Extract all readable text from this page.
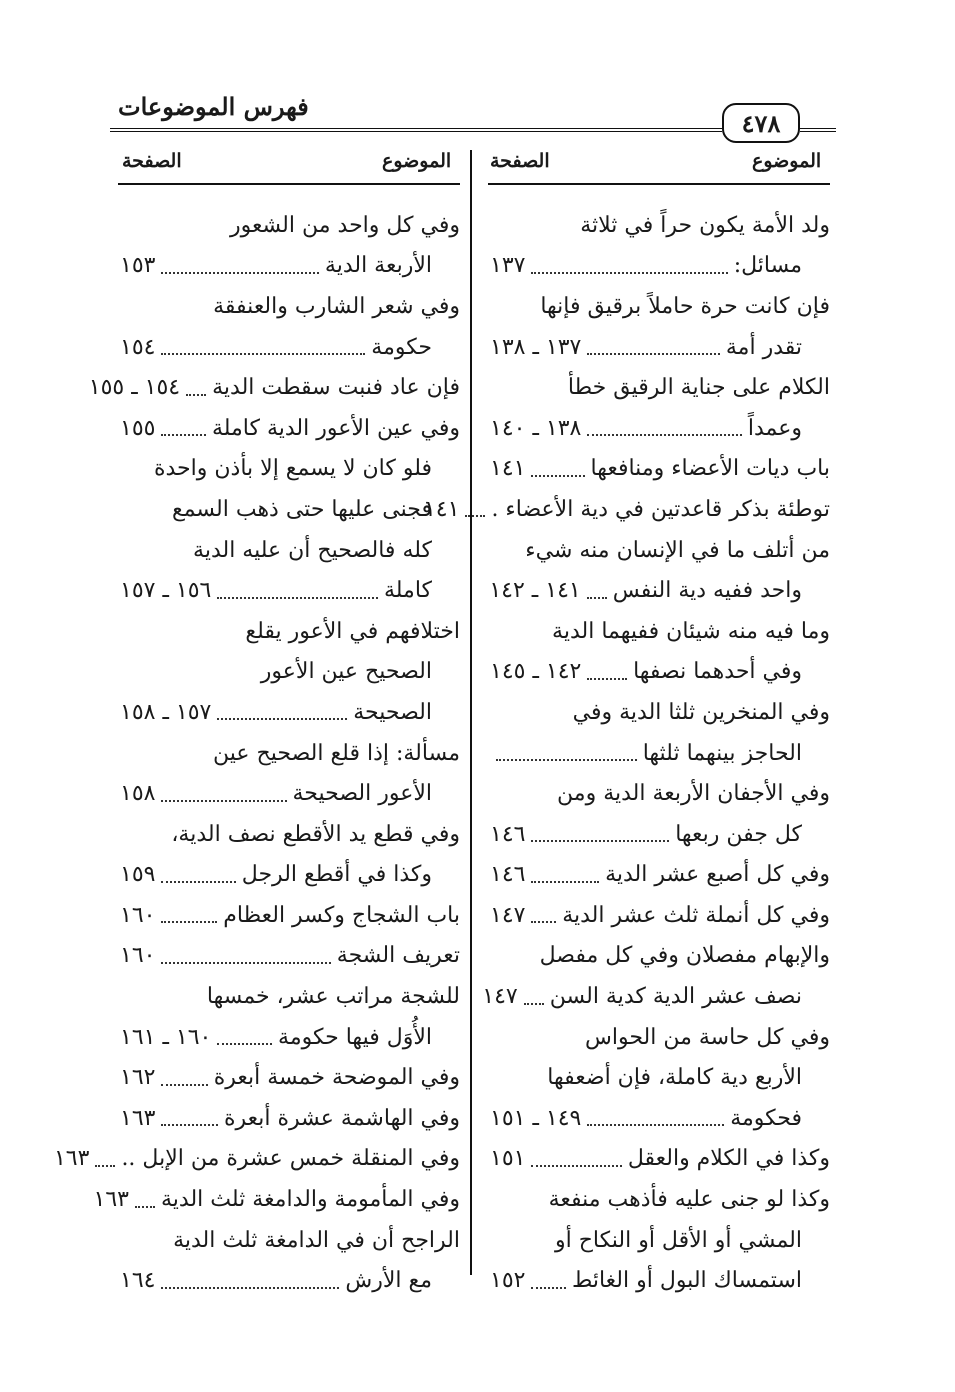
فهرس الموضوعات
٤٧٨
الموضوع
الصفحة
الموضوع
الصفحة
ولد الأمة يكون حراً في ثلاثة
مسائل:
١٣٧
فإن كانت حرة حاملاً برقيق فإنها
تقدر أمة
١٣٧ ـ ١٣٨
الكلام على جناية الرقيق خطأ
وعمداً
١٣٨ ـ ١٤٠
باب ديات الأعضاء ومنافعها
١٤١
توطئة بذكر قاعدتين في دية الأعضاء .
١٤١
من أتلف ما في الإنسان منه شيء
واحد ففيه دية النفس
١٤١ ـ ١٤٢
وما فيه منه شيئان ففيهما الدية
وفي أحدهما نصفها
١٤٢ ـ ١٤٥
وفي المنخرين ثلثا الدية وفي
الحاجز بينهما ثلثها
وفي الأجفان الأربعة الدية ومن
كل جفن ربعها
١٤٦
وفي كل أصبع عشر الدية
١٤٦
وفي كل أنملة ثلث عشر الدية
١٤٧
والإبهام مفصلان وفي كل مفصل
نصف عشر الدية كدية السن
١٤٧
وفي كل حاسة من الحواس
الأربع دية كاملة، فإن أضعفها
فحكومة
١٤٩ ـ ١٥١
وكذا في الكلام والعقل
١٥١
وكذا لو جنى عليه فأذهب منفعة
المشي أو الأقل أو النكاح أو
استمساك البول أو الغائط
١٥٢
وفي كل واحد من الشعور
الأربعة الدية
١٥٣
وفي شعر الشارب والعنفقة
حكومة
١٥٤
فإن عاد فنبت سقطت الدية
١٥٤ ـ ١٥٥
وفي عين الأعور الدية كاملة
١٥٥
فلو كان لا يسمع إلا بأذن واحدة
فجنى عليها حتى ذهب السمع
كله فالصحيح أن عليه الدية
كاملة
١٥٦ ـ ١٥٧
اختلافهم في الأعور يقلع
الصحيح عين الأعور
الصحيحة
١٥٧ ـ ١٥٨
مسألة: إذا قلع الصحيح عين
الأعور الصحيحة
١٥٨
وفي قطع يد الأقطع نصف الدية،
وكذا في أقطع الرجل
١٥٩
باب الشجاج وكسر العظام
١٦٠
تعريف الشجة
١٦٠
للشجة مراتب عشر، خمسها
الأُوَل فيها حكومة
١٦٠ ـ ١٦١
وفي الموضحة خمسة أبعرة
١٦٢
وفي الهاشمة عشرة أبعرة
١٦٣
وفي المنقلة خمس عشرة من الإبل ..
١٦٣
وفي المأمومة والدامغة ثلث الدية
١٦٣
الراجح أن في الدامغة ثلث الدية
مع الأرش
١٦٤
